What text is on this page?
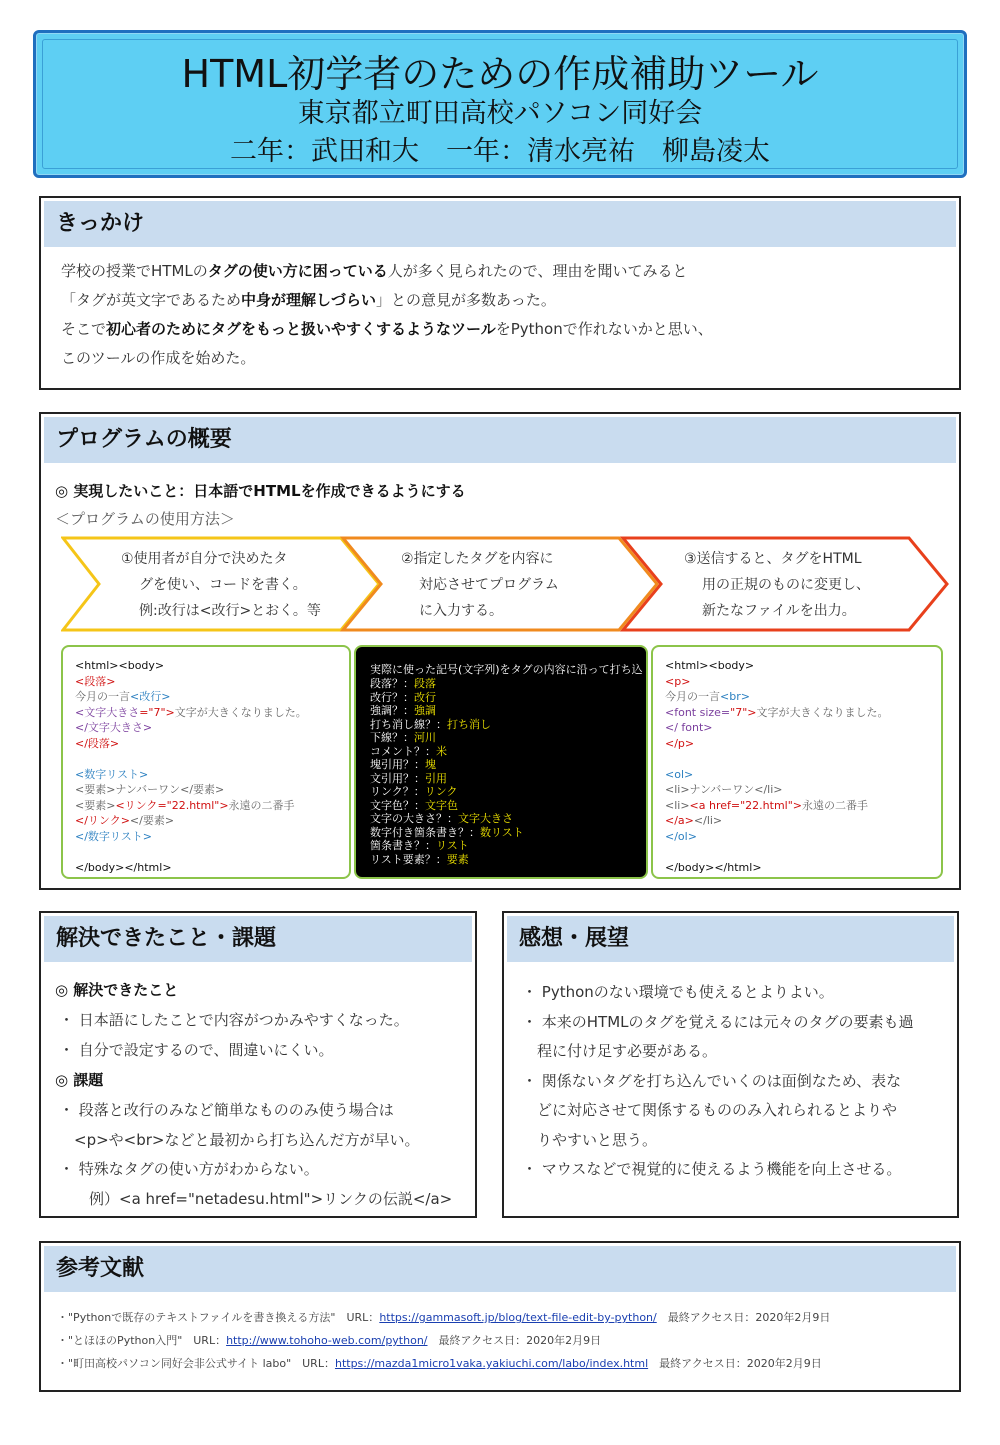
HTML初学者のための作成補助ツール
東京都立町田高校パソコン同好会
二年：武田和大　一年：清水亮祐　柳島凌太
きっかけ
学校の授業でHTMLのタグの使い方に困っている人が多く見られたので、理由を聞いてみると
「タグが英文字であるため中身が理解しづらい」との意見が多数あった。
そこで初心者のためにタグをもっと扱いやすくするようなツールをPythonで作れないかと思い、
このツールの作成を始めた。
プログラムの概要
◎ 実現したいこと：日本語でHTMLを作成できるようにする
＜プログラムの使用方法＞
①使用者が自分で決めたタ
グを使い、コードを書く。
例:改行は<改行>とおく。等
②指定したタグを内容に
対応させてプログラム
に入力する。
③送信すると、タグをHTML
用の正規のものに変更し、
新たなファイルを出力。
<html><body>
<段落>
今月の一言<改行>
<文字大きさ="7">文字が大きくなりました。
</文字大きさ>
</段落>
<数字リスト>
<要素>ナンバーワン</要素>
<要素><リンク="22.html">永遠の二番手
</リンク></要素>
</数字リスト>
</body></html>
実際に使った記号(文字列)をタグの内容に沿って打ち込
段落？：段落
改行？：改行
強調？：強調
打ち消し線？：打ち消し
下線？：河川
コメント？：米
塊引用？：塊
文引用？：引用
リンク？：リンク
文字色？：文字色
文字の大きさ？：文字大きさ
数字付き箇条書き？：数リスト
箇条書き？：リスト
リスト要素？：要素
<html><body>
<p>
今月の一言<br>
<font size="7">文字が大きくなりました。
</ font>
</p>
<ol>
<li>ナンバーワン</li>
<li><a href="22.html">永遠の二番手
</a></li>
</ol>
</body></html>
解決できたこと・課題
◎ 解決できたこと
・ 日本語にしたことで内容がつかみやすくなった。
・ 自分で設定するので、間違いにくい。
◎ 課題
・ 段落と改行のみなど簡単なもののみ使う場合は
　<p>や<br>などと最初から打ち込んだ方が早い。
・ 特殊なタグの使い方がわからない。
　　例）<a href="netadesu.html">リンクの伝説</a>
感想・展望
・ Pythonのない環境でも使えるとよりよい。
・ 本来のHTMLのタグを覚えるには元々のタグの要素も過
　程に付け足す必要がある。
・ 関係ないタグを打ち込んでいくのは面倒なため、表な
　どに対応させて関係するもののみ入れられるとよりや
　りやすいと思う。
・ マウスなどで視覚的に使えるよう機能を向上させる。
参考文献
・"Pythonで既存のテキストファイルを書き換える方法"　URL：https://gammasoft.jp/blog/text-file-edit-by-python/　最終アクセス日：2020年2月9日
・"とほほのPython入門"　URL：http://www.tohoho-web.com/python/　最終アクセス日：2020年2月9日
・"町田高校パソコン同好会非公式サイト labo"　URL：https://mazda1micro1vaka.yakiuchi.com/labo/index.html　最終アクセス日：2020年2月9日
